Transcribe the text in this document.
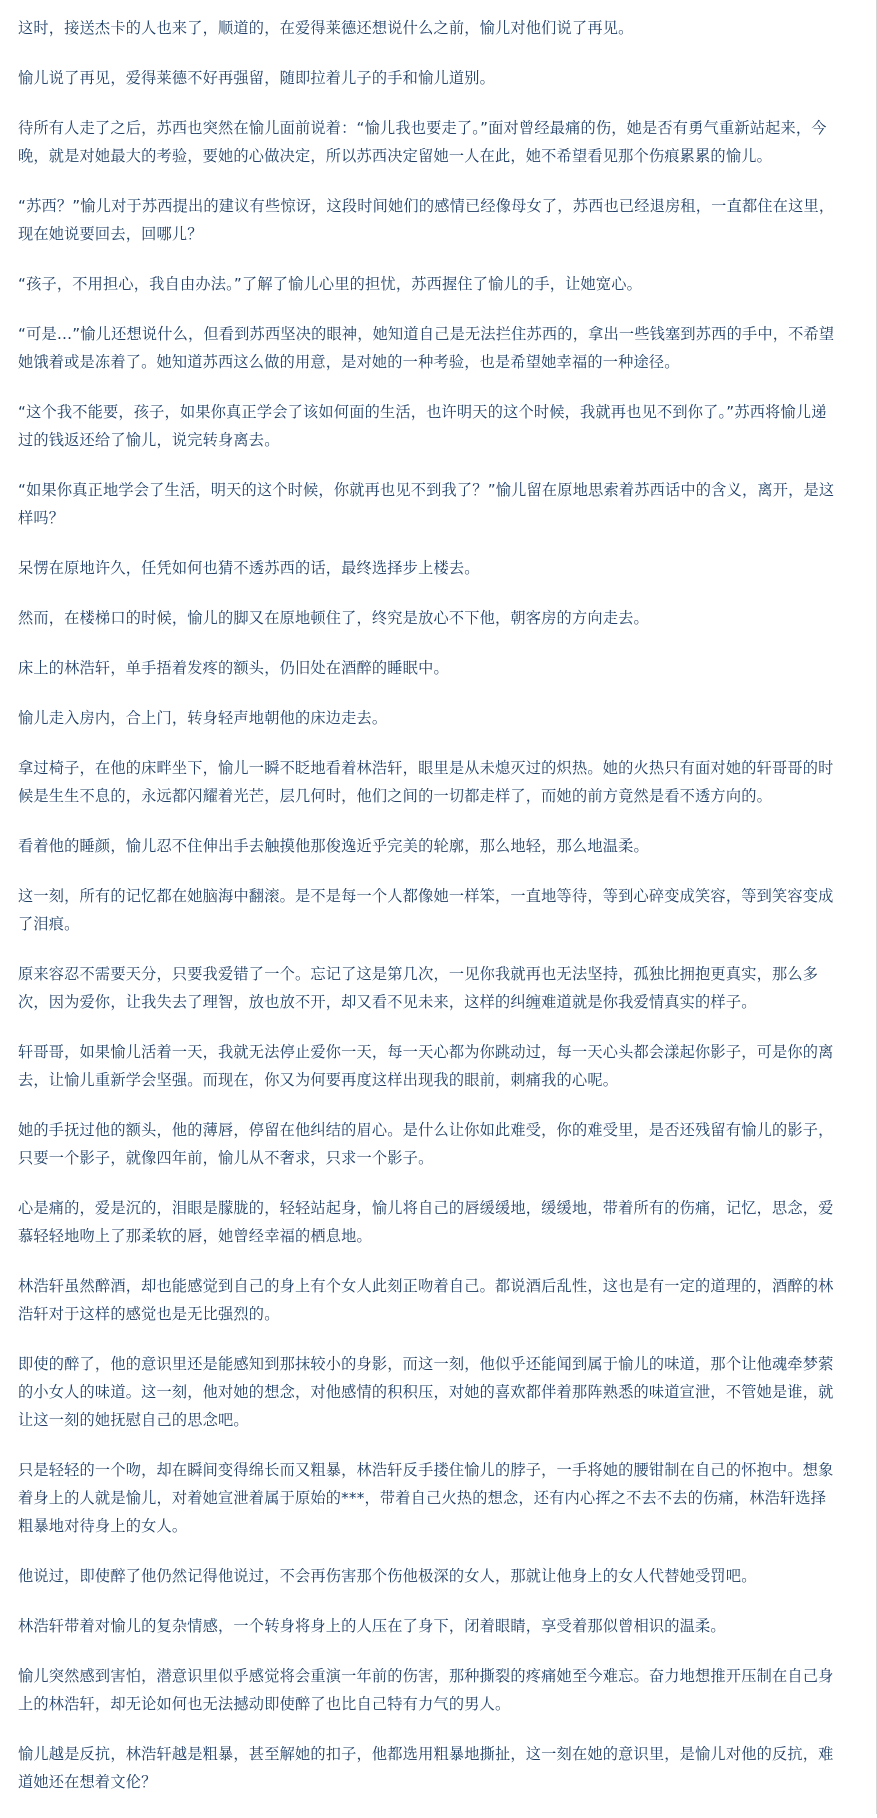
这时，接送杰卡的人也来了，顺道的，在爱得莱德还想说什么之前，愉儿对他们说了再见。

愉儿说了再见，爱得莱德不好再强留，随即拉着儿子的手和愉儿道别。

待所有人走了之后，苏西也突然在愉儿面前说着：“愉儿我也要走了。”面对曾经最痛的伤，她是否有勇气重新站起来，今晚，就是对她最大的考验，要她的心做决定，所以苏西决定留她一人在此，她不希望看见那个伤痕累累的愉儿。

“苏西？”愉儿对于苏西提出的建议有些惊讶，这段时间她们的感情已经像母女了，苏西也已经退房租，一直都住在这里，现在她说要回去，回哪儿？

“孩子，不用担心，我自由办法。”了解了愉儿心里的担忧，苏西握住了愉儿的手，让她宽心。

“可是…”愉儿还想说什么，但看到苏西坚决的眼神，她知道自己是无法拦住苏西的，拿出一些钱塞到苏西的手中，不希望她饿着或是冻着了。她知道苏西这么做的用意，是对她的一种考验，也是希望她幸福的一种途径。

“这个我不能要，孩子，如果你真正学会了该如何面的生活，也许明天的这个时候，我就再也见不到你了。”苏西将愉儿递过的钱返还给了愉儿，说完转身离去。

“如果你真正地学会了生活，明天的这个时候，你就再也见不到我了？”愉儿留在原地思索着苏西话中的含义，离开，是这样吗？

呆愣在原地许久，任凭如何也猜不透苏西的话，最终选择步上楼去。

然而，在楼梯口的时候，愉儿的脚又在原地顿住了，终究是放心不下他，朝客房的方向走去。

床上的林浩轩，单手捂着发疼的额头，仍旧处在酒醉的睡眠中。

愉儿走入房内，合上门，转身轻声地朝他的床边走去。

拿过椅子，在他的床畔坐下，愉儿一瞬不眨地看着林浩轩，眼里是从未熄灭过的炽热。她的火热只有面对她的轩哥哥的时候是生生不息的，永远都闪耀着光芒，层几何时，他们之间的一切都走样了，而她的前方竟然是看不透方向的。

看着他的睡颜，愉儿忍不住伸出手去触摸他那俊逸近乎完美的轮廓，那么地轻，那么地温柔。

这一刻，所有的记忆都在她脑海中翻滚。是不是每一个人都像她一样笨，一直地等待，等到心碎变成笑容，等到笑容变成了泪痕。

原来容忍不需要天分，只要我爱错了一个。忘记了这是第几次，一见你我就再也无法坚持，孤独比拥抱更真实，那么多次，因为爱你，让我失去了理智，放也放不开，却又看不见未来，这样的纠缠难道就是你我爱情真实的样子。

轩哥哥，如果愉儿活着一天，我就无法停止爱你一天，每一天心都为你跳动过，每一天心头都会漾起你影子，可是你的离去，让愉儿重新学会坚强。而现在，你又为何要再度这样出现我的眼前，刺痛我的心呢。

她的手抚过他的额头，他的薄唇，停留在他纠结的眉心。是什么让你如此难受，你的难受里，是否还残留有愉儿的影子，只要一个影子，就像四年前，愉儿从不奢求，只求一个影子。

心是痛的，爱是沉的，泪眼是朦胧的，轻轻站起身，愉儿将自己的唇缓缓地，缓缓地，带着所有的伤痛，记忆，思念，爱慕轻轻地吻上了那柔软的唇，她曾经幸福的栖息地。

林浩轩虽然醉酒，却也能感觉到自己的身上有个女人此刻正吻着自己。都说酒后乱性，这也是有一定的道理的，酒醉的林浩轩对于这样的感觉也是无比强烈的。

即使的醉了，他的意识里还是能感知到那抹较小的身影，而这一刻，他似乎还能闻到属于愉儿的味道，那个让他魂牵梦萦的小女人的味道。这一刻，他对她的想念，对他感情的积积压，对她的喜欢都伴着那阵熟悉的味道宣泄，不管她是谁，就让这一刻的她抚慰自己的思念吧。

只是轻轻的一个吻，却在瞬间变得绵长而又粗暴，林浩轩反手搂住愉儿的脖子，一手将她的腰钳制在自己的怀抱中。想象着身上的人就是愉儿，对着她宣泄着属于原始的***，带着自己火热的想念，还有内心挥之不去不去的伤痛，林浩轩选择粗暴地对待身上的女人。

他说过，即使醉了他仍然记得他说过，不会再伤害那个伤他极深的女人，那就让他身上的女人代替她受罚吧。

林浩轩带着对愉儿的复杂情感，一个转身将身上的人压在了身下，闭着眼睛，享受着那似曾相识的温柔。

愉儿突然感到害怕，潜意识里似乎感觉将会重演一年前的伤害，那种撕裂的疼痛她至今难忘。奋力地想推开压制在自己身上的林浩轩，却无论如何也无法撼动即使醉了也比自己特有力气的男人。

愉儿越是反抗，林浩轩越是粗暴，甚至解她的扣子，他都选用粗暴地撕扯，这一刻在她的意识里，是愉儿对他的反抗，难道她还在想着文伦？
